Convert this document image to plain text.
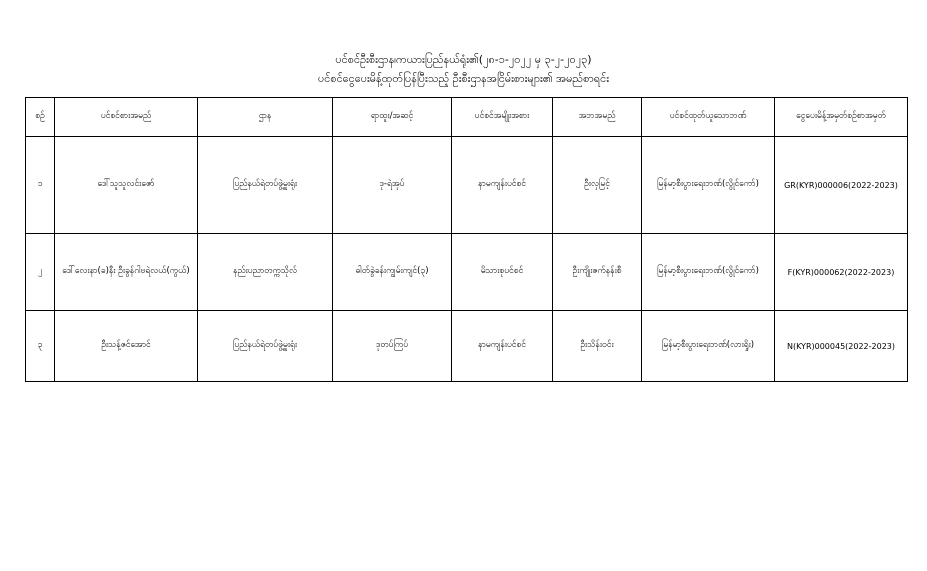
ပင်စင်ဦးစီးဌာန၊ကယားပြည်နယ်ရုံး၏(၂၈-၁-၂၀၂၂ မှ ၃-၂-၂၀၂၃)
ပင်စင်ငွေပေးမိန့်ထုတ်ပြန်ပြီးသည့် ဦးစီးဌာနအငြိမ်းစားများ၏ အမည်စာရင်း
စဉ်	ပင်စင်စားအမည်	ဌာန	ရာထူး/အဆင့်	ပင်စင်အမျိုးအစား	အဘအမည်	ပင်စင်ထုတ်ယူသောဘဏ်	ငွေပေးမိန့်အမှတ်စဉ်စာအမှတ်
၁	ဒေါ်သူသူလင်းဇော်	ပြည်နယ်ရဲတပ်ဖွဲ့မှူးရုံး	ဒု-ရဲအုပ်	နာမကျန်းပင်စင်	ဦးလှမြင့်	မြန်မာ့စီးပွားရေးဘဏ်(လွိုင်ကော်)	GR(KYR)000006(2022-2023)
၂	ဒေါ်လေးနာ(ခ)နီး ဦးခွန်ဂါဗရဲလယ်(ကွယ်)	နည်းပညာတက္ကသိုလ်	ဓါတ်ခွဲခန်းကျွမ်းကျင်(၃)	မိသားစုပင်စင်	ဦးကျိုးဇက်နန်းစီ	မြန်မာ့စီးပွားရေးဘဏ်(လွိုင်ကော်)	F(KYR)000062(2022-2023)
၃	ဦးသန့်ဇင်အောင်	ပြည်နယ်ရဲတပ်ဖွဲ့မှူးရုံး	ဒုတပ်ကြပ်	နာမကျန်းပင်စင်	ဦးသိန်းဝင်း	မြန်မာ့စီးပွားရေးဘဏ်(လားရှိုး)	N(KYR)000045(2022-2023)
